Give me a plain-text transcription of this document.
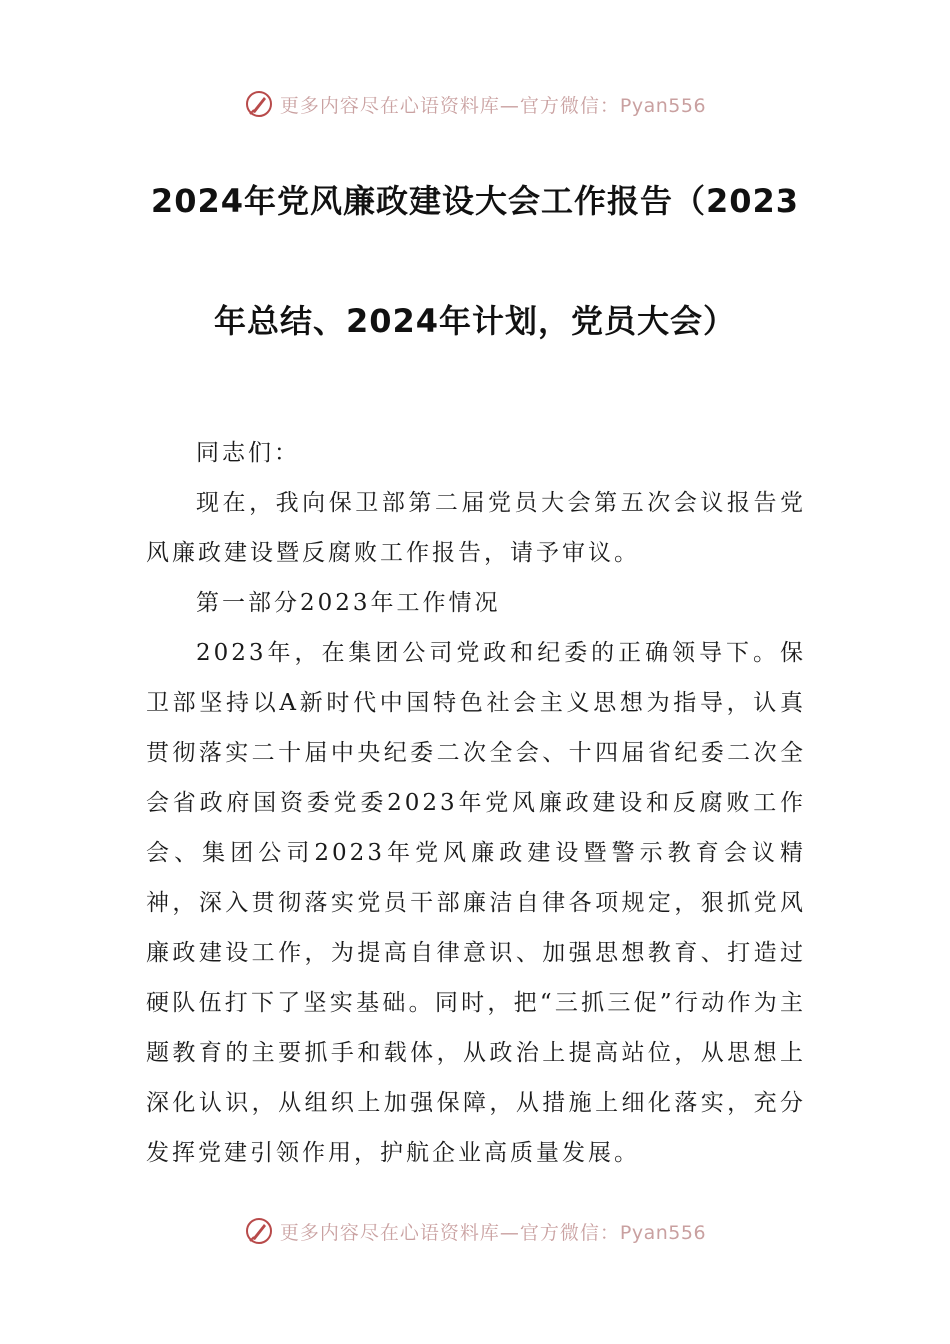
更多内容尽在心语资料库—官方微信：Pyan556
2024年党风廉政建设大会工作报告（2023
年总结、2024年计划，党员大会）

同志们：

现在，我向保卫部第二届党员大会第五次会议报告党风廉政建设暨反腐败工作报告，请予审议。

第一部分2023年工作情况

2023年，在集团公司党政和纪委的正确领导下。保卫部坚持以A新时代中国特色社会主义思想为指导，认真贯彻落实二十届中央纪委二次全会、十四届省纪委二次全会省政府国资委党委2023年党风廉政建设和反腐败工作会、集团公司2023年党风廉政建设暨警示教育会议精神，深入贯彻落实党员干部廉洁自律各项规定，狠抓党风廉政建设工作，为提高自律意识、加强思想教育、打造过硬队伍打下了坚实基础。同时，把“三抓三促”行动作为主题教育的主要抓手和载体，从政治上提高站位，从思想上深化认识，从组织上加强保障，从措施上细化落实，充分发挥党建引领作用，护航企业高质量发展。

更多内容尽在心语资料库—官方微信：Pyan556
